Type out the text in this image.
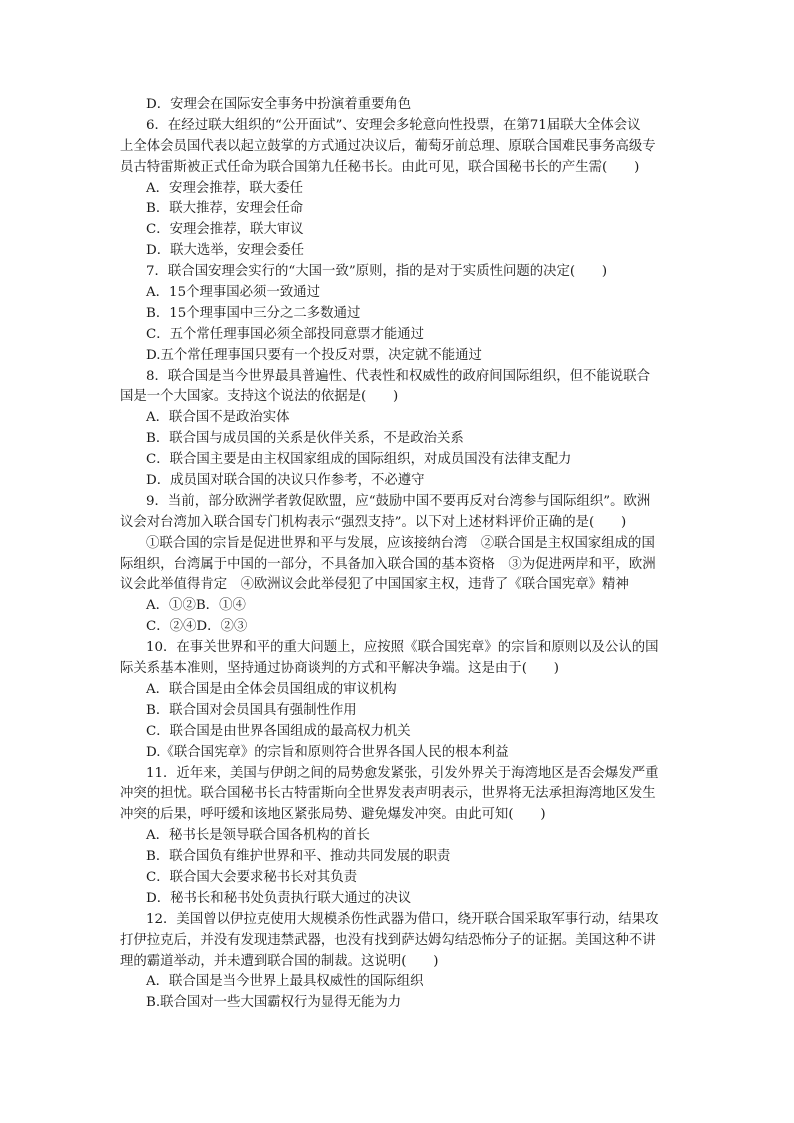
D．安理会在国际安全事务中扮演着重要角色
6．在经过联大组织的“公开面试”、安理会多轮意向性投票，在第71届联大全体会议
上全体会员国代表以起立鼓掌的方式通过决议后，葡萄牙前总理、原联合国难民事务高级专
员古特雷斯被正式任命为联合国第九任秘书长。由此可见，联合国秘书长的产生需(　　)
A．安理会推荐，联大委任
B．联大推荐，安理会任命
C．安理会推荐，联大审议
D．联大选举，安理会委任
7．联合国安理会实行的“大国一致”原则，指的是对于实质性问题的决定(　　)
A．15个理事国必须一致通过
B．15个理事国中三分之二多数通过
C．五个常任理事国必须全部投同意票才能通过
D.五个常任理事国只要有一个投反对票，决定就不能通过
8．联合国是当今世界最具普遍性、代表性和权威性的政府间国际组织，但不能说联合
国是一个大国家。支持这个说法的依据是(　　)
A．联合国不是政治实体
B．联合国与成员国的关系是伙伴关系，不是政治关系
C．联合国主要是由主权国家组成的国际组织，对成员国没有法律支配力
D．成员国对联合国的决议只作参考，不必遵守
9．当前，部分欧洲学者敦促欧盟，应“鼓励中国不要再反对台湾参与国际组织”。欧洲
议会对台湾加入联合国专门机构表示“强烈支持”。以下对上述材料评价正确的是(　　)
①联合国的宗旨是促进世界和平与发展，应该接纳台湾　②联合国是主权国家组成的国
际组织，台湾属于中国的一部分，不具备加入联合国的基本资格　③为促进两岸和平，欧洲
议会此举值得肯定　④欧洲议会此举侵犯了中国国家主权，违背了《联合国宪章》精神
A．①②B．①④
C．②④D．②③
10．在事关世界和平的重大问题上，应按照《联合国宪章》的宗旨和原则以及公认的国
际关系基本准则，坚持通过协商谈判的方式和平解决争端。这是由于(　　)
A．联合国是由全体会员国组成的审议机构
B．联合国对会员国具有强制性作用
C．联合国是由世界各国组成的最高权力机关
D.《联合国宪章》的宗旨和原则符合世界各国人民的根本利益
11．近年来，美国与伊朗之间的局势愈发紧张，引发外界关于海湾地区是否会爆发严重
冲突的担忧。联合国秘书长古特雷斯向全世界发表声明表示，世界将无法承担海湾地区发生
冲突的后果，呼吁缓和该地区紧张局势、避免爆发冲突。由此可知(　　)
A．秘书长是领导联合国各机构的首长
B．联合国负有维护世界和平、推动共同发展的职责
C．联合国大会要求秘书长对其负责
D．秘书长和秘书处负责执行联大通过的决议
12．美国曾以伊拉克使用大规模杀伤性武器为借口，绕开联合国采取军事行动，结果攻
打伊拉克后，并没有发现违禁武器，也没有找到萨达姆勾结恐怖分子的证据。美国这种不讲
理的霸道举动，并未遭到联合国的制裁。这说明(　　)
A．联合国是当今世界上最具权威性的国际组织
B.联合国对一些大国霸权行为显得无能为力
